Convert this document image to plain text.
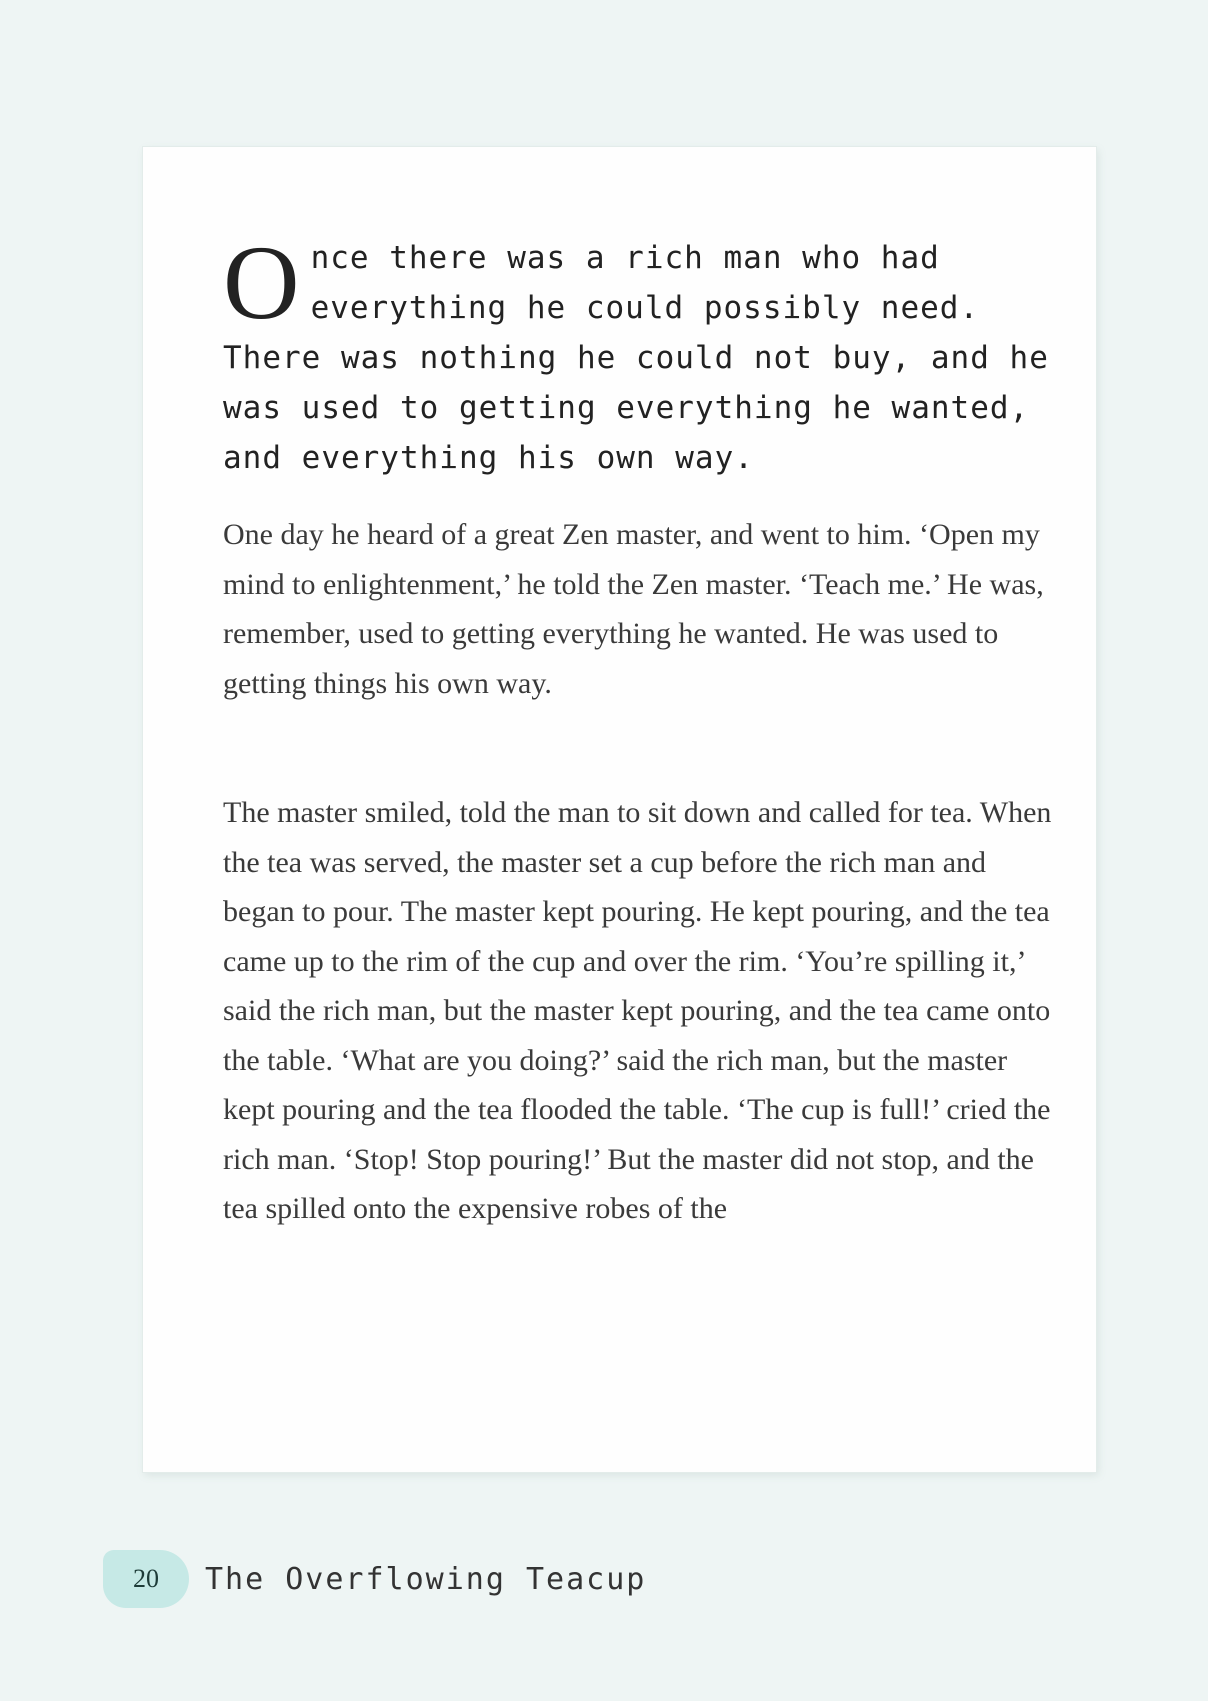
O nce there was a rich man who had everything he could possibly need. There was nothing he could not buy, and he was used to getting everything he wanted, and everything his own way.

One day he heard of a great Zen master, and went to him. ‘Open my mind to enlightenment,’ he told the Zen master. ‘Teach me.’ He was, remember, used to getting everything he wanted. He was used to getting things his own way.

The master smiled, told the man to sit down and called for tea. When the tea was served, the master set a cup before the rich man and began to pour. The master kept pouring. He kept pouring, and the tea came up to the rim of the cup and over the rim. ‘You’re spilling it,’ said the rich man, but the master kept pouring, and the tea came onto the table. ‘What are you doing?’ said the rich man, but the master kept pouring and the tea flooded the table. ‘The cup is full!’ cried the rich man. ‘Stop! Stop pouring!’ But the master did not stop, and the tea spilled onto the expensive robes of the

20 The Overflowing Teacup
